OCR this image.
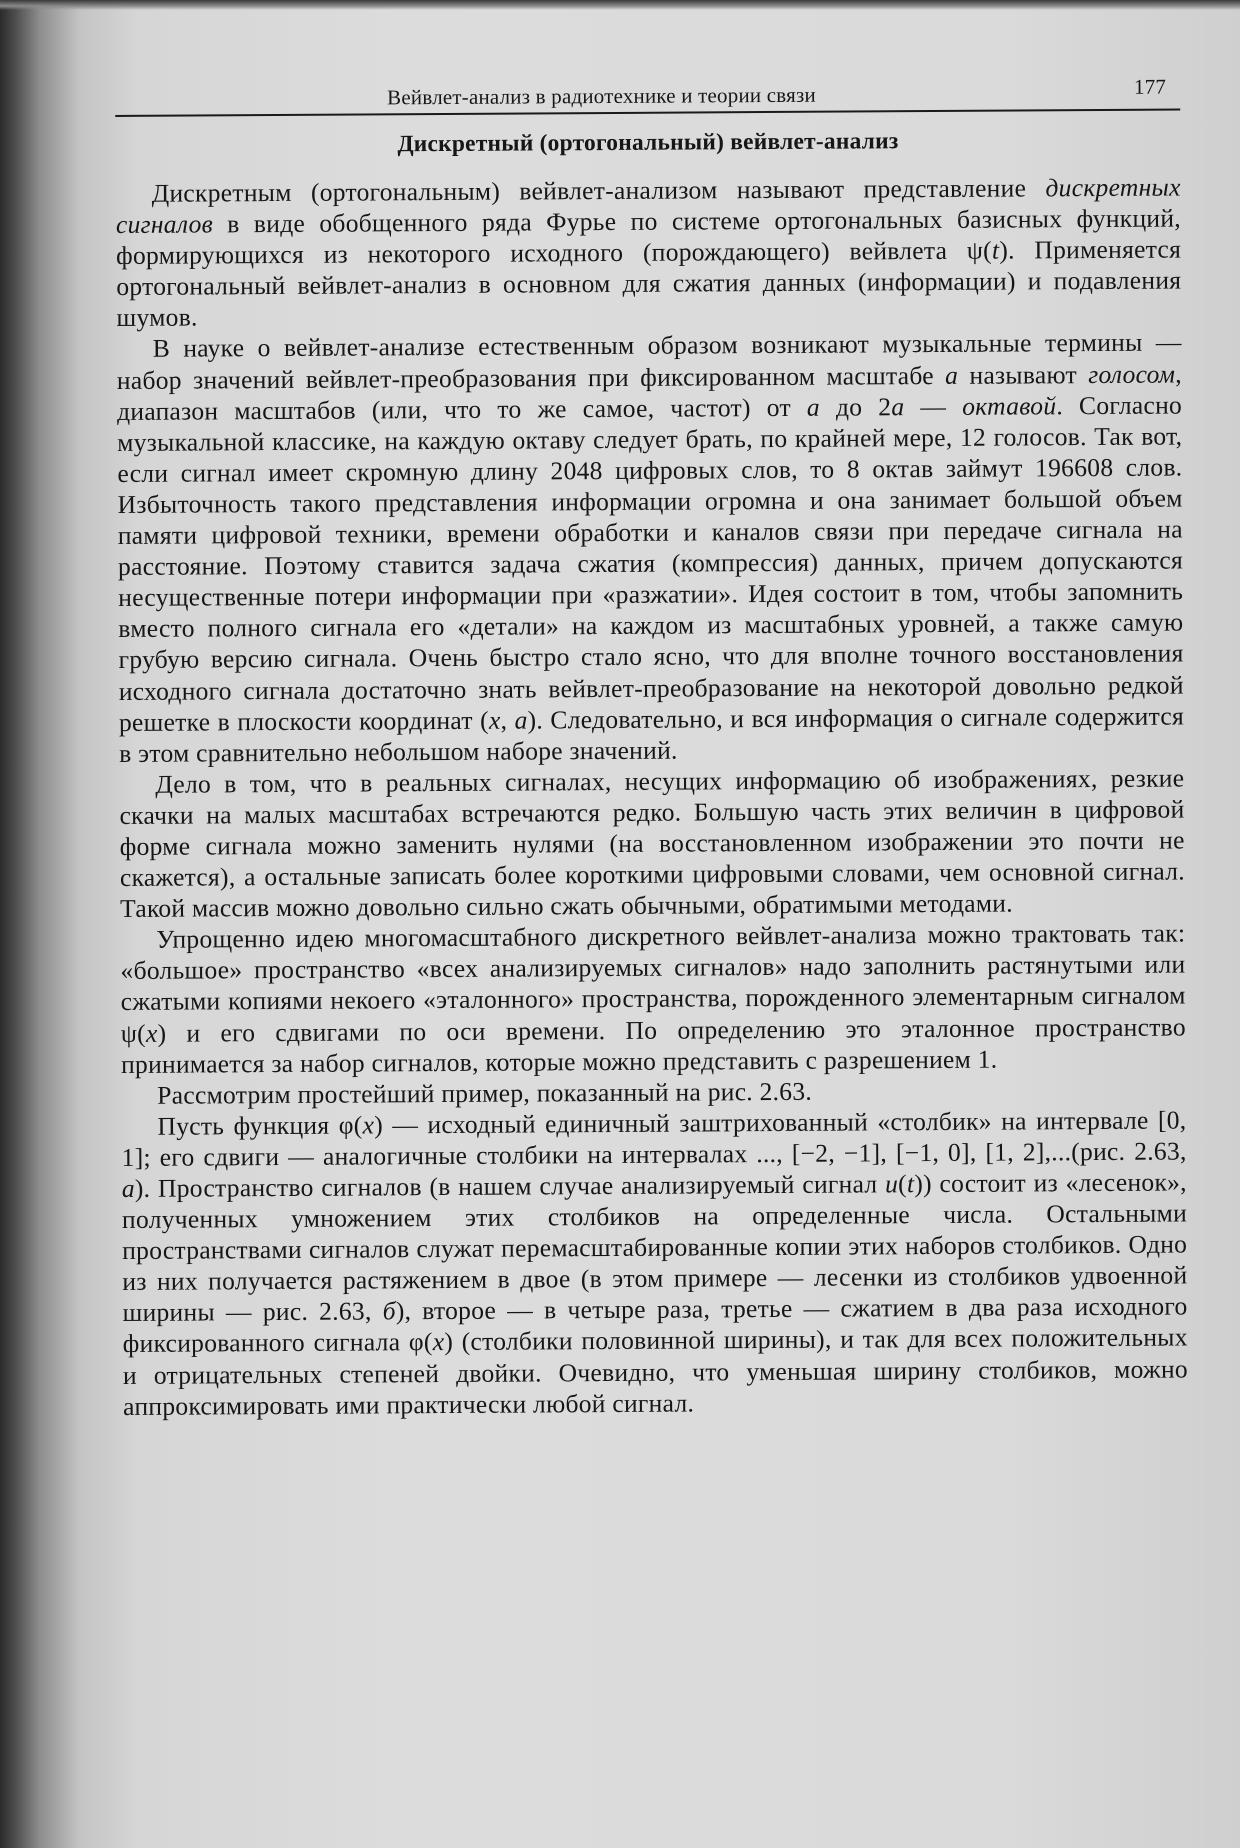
Вейвлет-анализ в радиотехнике и теории связи	177
Дискретный (ортогональный) вейвлет-анализ

Дискретным (ортогональным) вейвлет-анализом называют представление дискретных сигналов в виде обобщенного ряда Фурье по системе ортогональных базисных функций, формирующихся из некоторого исходного (порождающего) вейвлета ψ(t). Применяется ортогональный вейвлет-анализ в основном для сжатия данных (информации) и подавления шумов.

В науке о вейвлет-анализе естественным образом возникают музыкальные термины — набор значений вейвлет-преобразования при фиксированном масштабе а называют голосом, диапазон масштабов (или, что то же самое, частот) от а до 2а — октавой. Согласно музыкальной классике, на каждую октаву следует брать, по крайней мере, 12 голосов. Так вот, если сигнал имеет скромную длину 2048 цифровых слов, то 8 октав займут 196608 слов. Избыточность такого представления информации огромна и она занимает большой объем памяти цифровой техники, времени обработки и каналов связи при передаче сигнала на расстояние. Поэтому ставится задача сжатия (компрессия) данных, причем допускаются несущественные потери информации при «разжатии». Идея состоит в том, чтобы запомнить вместо полного сигнала его «детали» на каждом из масштабных уровней, а также самую грубую версию сигнала. Очень быстро стало ясно, что для вполне точного восстановления исходного сигнала достаточно знать вейвлет-преобразование на некоторой довольно редкой решетке в плоскости координат (х, а). Следовательно, и вся информация о сигнале содержится в этом сравнительно небольшом наборе значений.

Дело в том, что в реальных сигналах, несущих информацию об изображениях, резкие скачки на малых масштабах встречаются редко. Большую часть этих величин в цифровой форме сигнала можно заменить нулями (на восстановленном изображении это почти не скажется), а остальные записать более короткими цифровыми словами, чем основной сигнал. Такой массив можно довольно сильно сжать обычными, обратимыми методами.

Упрощенно идею многомасштабного дискретного вейвлет-анализа можно трактовать так: «большое» пространство «всех анализируемых сигналов» надо заполнить растянутыми или сжатыми копиями некоего «эталонного» пространства, порожденного элементарным сигналом ψ(х) и его сдвигами по оси времени. По определению это эталонное пространство принимается за набор сигналов, которые можно представить с разрешением 1.

Рассмотрим простейший пример, показанный на рис. 2.63.

Пусть функция φ(х) — исходный единичный заштрихованный «столбик» на интервале [0, 1]; его сдвиги — аналогичные столбики на интервалах ..., [−2, −1], [−1, 0], [1, 2],...(рис. 2.63, а). Пространство сигналов (в нашем случае анализируемый сигнал u(t)) состоит из «лесенок», полученных умножением этих столбиков на определенные числа. Остальными пространствами сигналов служат перемасштабированные копии этих наборов столбиков. Одно из них получается растяжением в двое (в этом примере — лесенки из столбиков удвоенной ширины — рис. 2.63, б), второе — в четыре раза, третье — сжатием в два раза исходного фиксированного сигнала φ(х) (столбики половинной ширины), и так для всех положительных и отрицательных степеней двойки. Очевидно, что уменьшая ширину столбиков, можно аппроксимировать ими практически любой сигнал.
